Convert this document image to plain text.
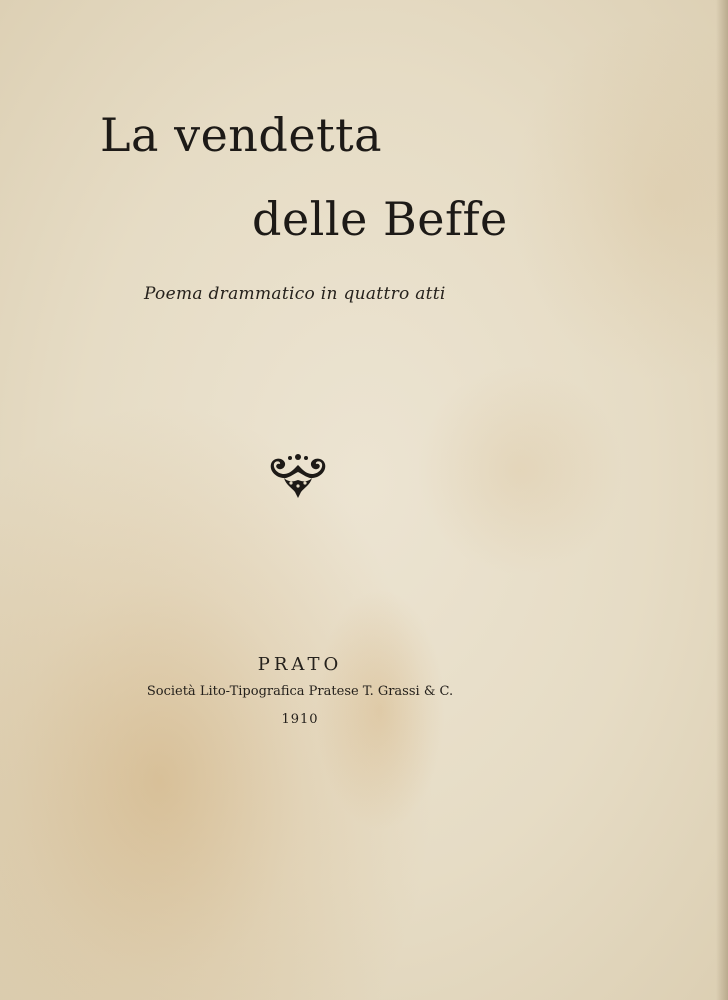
La vendetta
delle Beffe

Poema drammatico in quattro atti

PRATO

Società Lito-Tipografica Pratese T. Grassi & C.

1910
